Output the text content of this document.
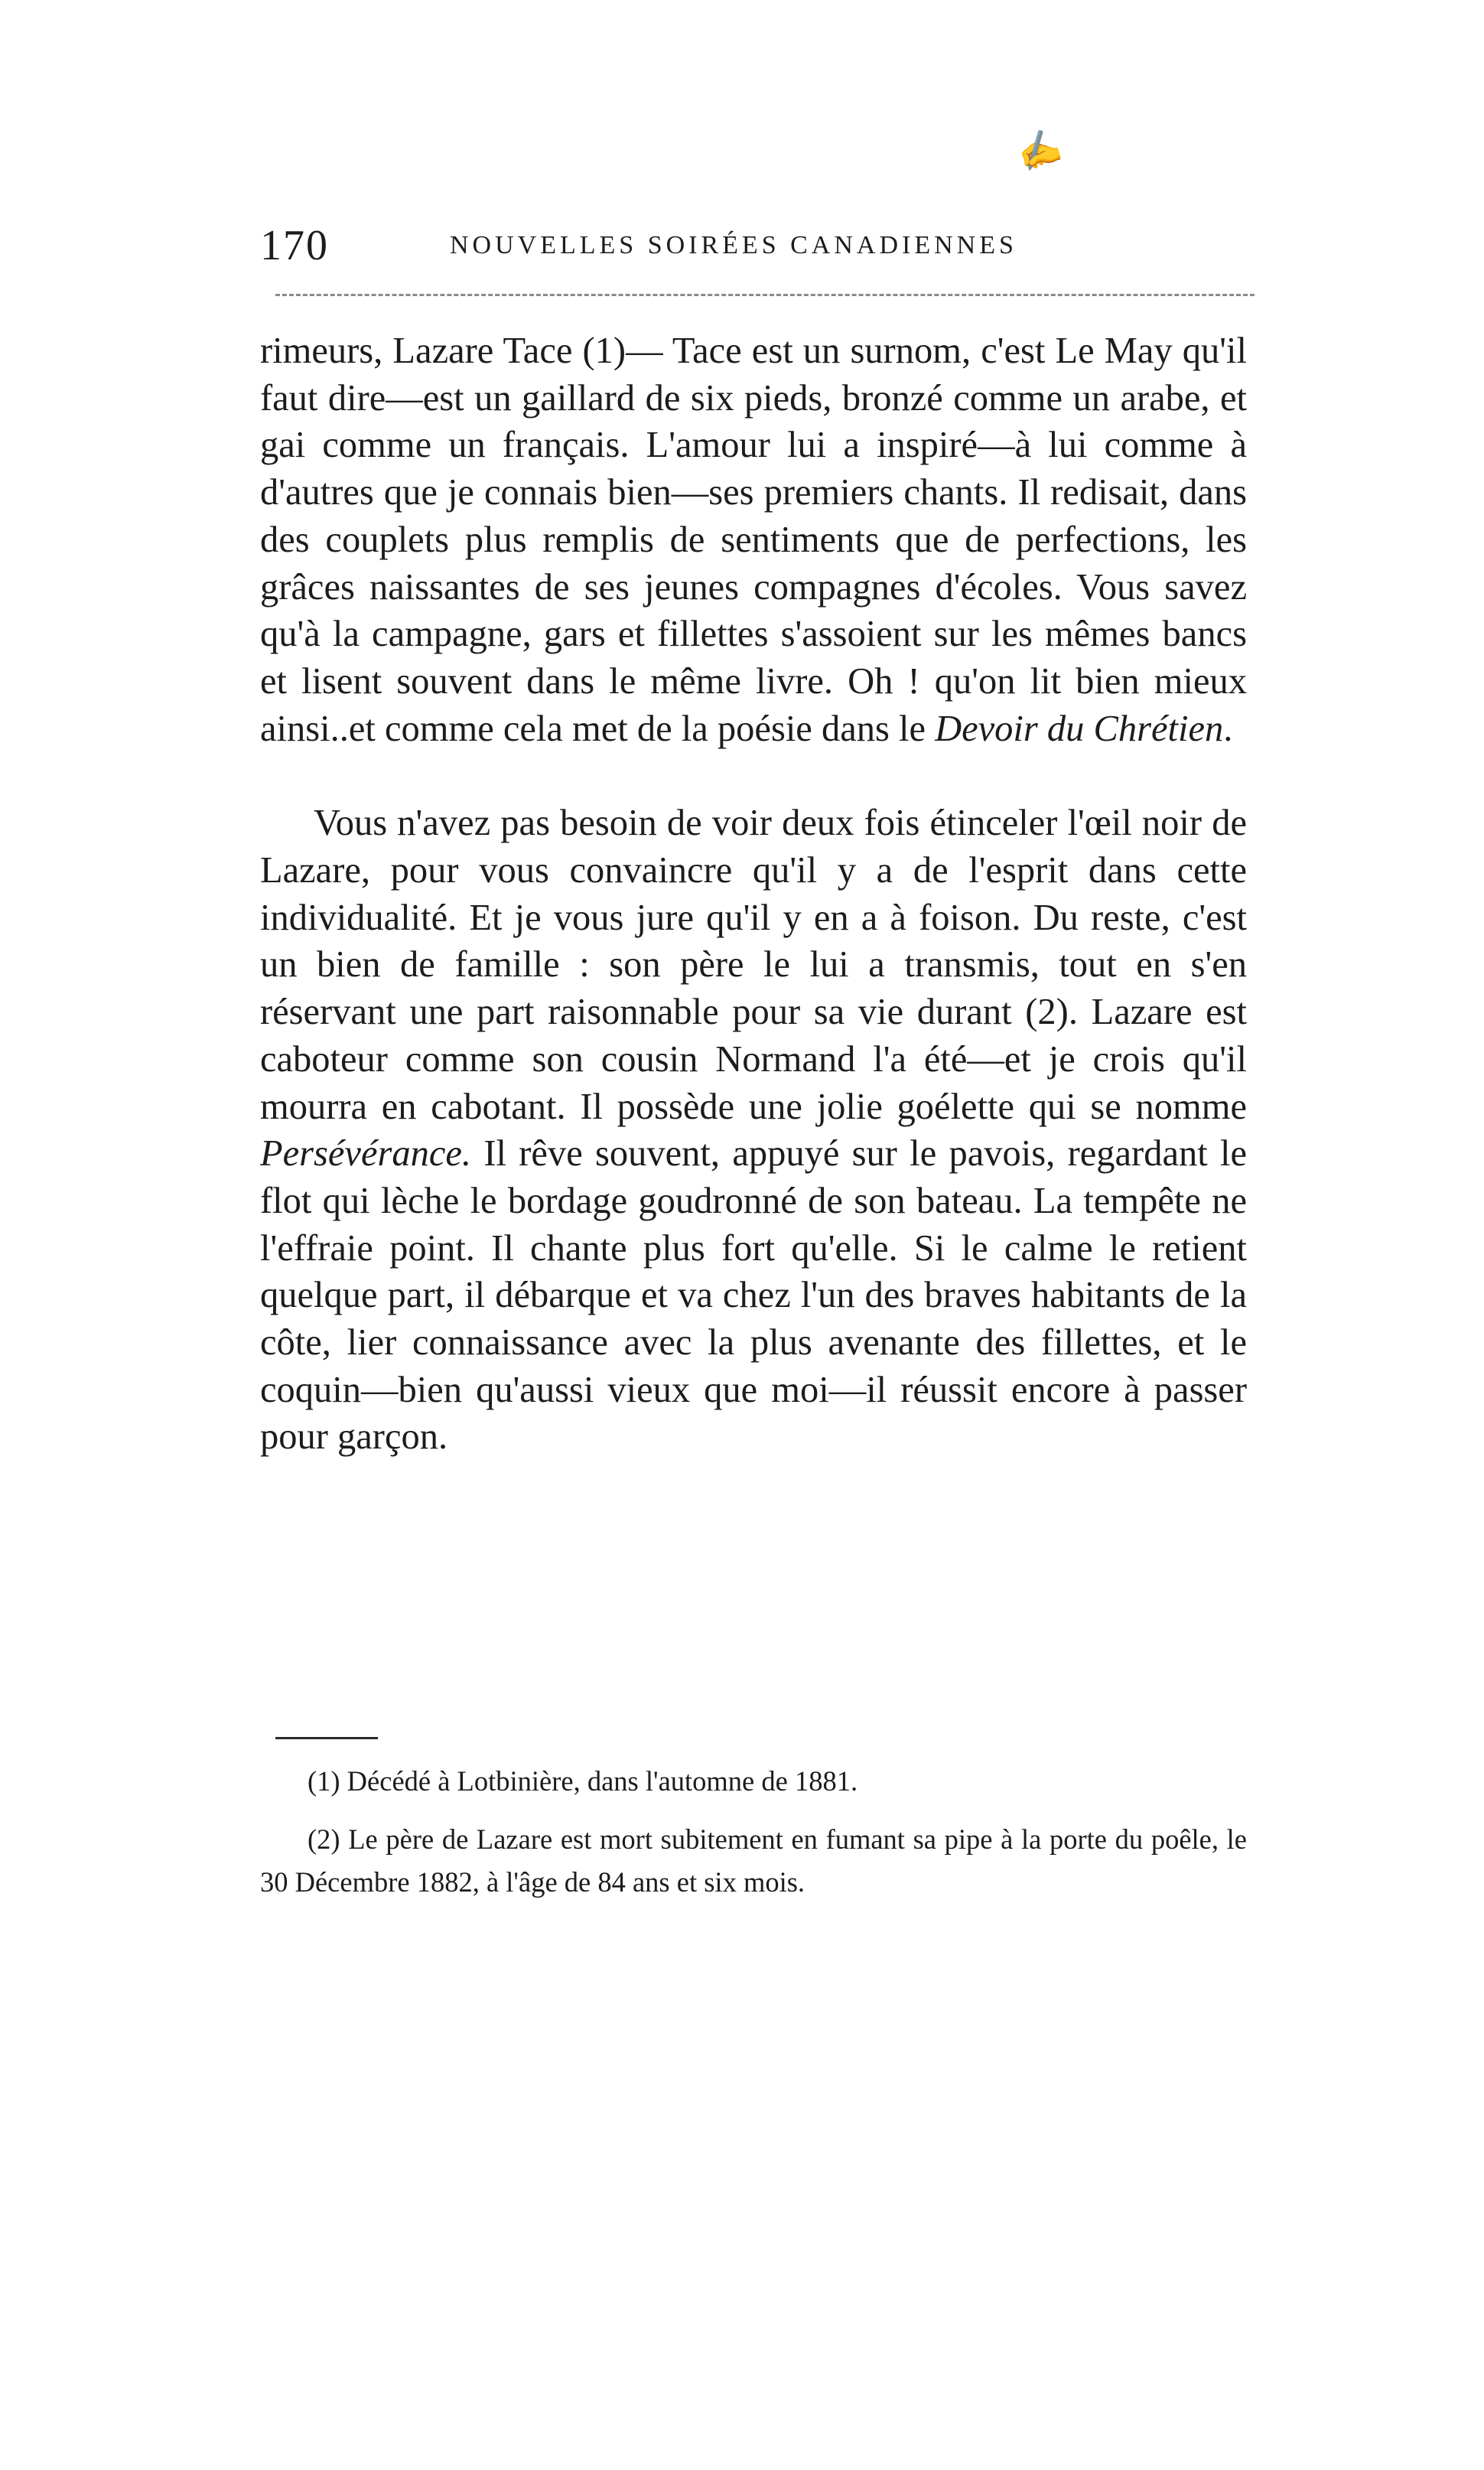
✍
170	NOUVELLES SOIRÉES CANADIENNES

rimeurs, Lazare Tace (1)— Tace est un surnom, c'est Le May qu'il faut dire—est un gaillard de six pieds, bronzé comme un arabe, et gai comme un français. L'amour lui a inspiré—à lui comme à d'autres que je connais bien—ses premiers chants. Il redisait, dans des couplets plus remplis de sentiments que de perfections, les grâces naissantes de ses jeunes compagnes d'écoles. Vous savez qu'à la campagne, gars et fillettes s'assoient sur les mêmes bancs et lisent souvent dans le même livre. Oh ! qu'on lit bien mieux ainsi..et comme cela met de la poésie dans le Devoir du Chrétien.

Vous n'avez pas besoin de voir deux fois étinceler l'œil noir de Lazare, pour vous convaincre qu'il y a de l'esprit dans cette individualité. Et je vous jure qu'il y en a à foison. Du reste, c'est un bien de famille : son père le lui a transmis, tout en s'en réservant une part raisonnable pour sa vie durant (2). Lazare est caboteur comme son cousin Normand l'a été—et je crois qu'il mourra en cabotant. Il possède une jolie goélette qui se nomme Persévérance. Il rêve souvent, appuyé sur le pavois, regardant le flot qui lèche le bordage goudronné de son bateau. La tempête ne l'effraie point. Il chante plus fort qu'elle. Si le calme le retient quelque part, il débarque et va chez l'un des braves habitants de la côte, lier connaissance avec la plus avenante des fillettes, et le coquin—bien qu'aussi vieux que moi—il réussit encore à passer pour garçon.

(1) Décédé à Lotbinière, dans l'automne de 1881.

(2) Le père de Lazare est mort subitement en fumant sa pipe à la porte du poêle, le 30 Décembre 1882, à l'âge de 84 ans et six mois.
